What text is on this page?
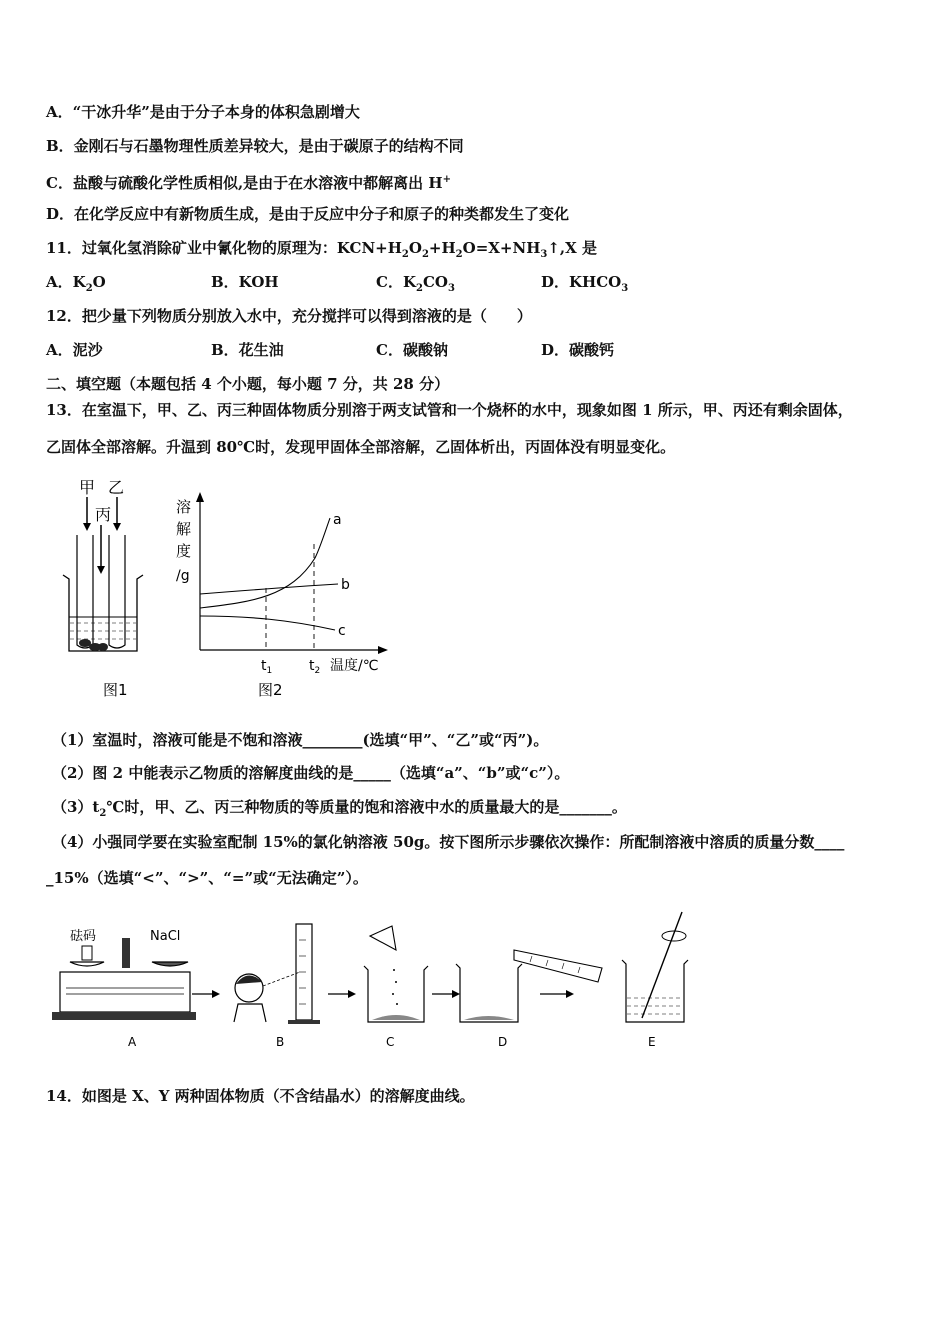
A．“干冰升华”是由于分子本身的体积急剧增大
B．金刚石与石墨物理性质差异较大，是由于碳原子的结构不同
C．盐酸与硫酸化学性质相似,是由于在水溶液中都解离出 H+
D．在化学反应中有新物质生成，是由于反应中分子和原子的种类都发生了变化
11．过氧化氢消除矿业中氰化物的原理为：$KCN+H_2O_2+H_2O=X+NH_3↑,X$ 是
A．$K_2O$	B．KOH	C．$K_2CO_3$	D．$KHCO_3$
12．把少量下列物质分别放入水中，充分搅拌可以得到溶液的是（　　）
A．泥沙	B．花生油	C．碳酸钠	D．碳酸钙
二、填空题（本题包括 4 个小题，每小题 7 分，共 28 分）
13．在室温下，甲、乙、丙三种固体物质分别溶于两支试管和一个烧杯的水中，现象如图 1 所示，甲、丙还有剩余固体，
乙固体全部溶解。升温到 80℃时，发现甲固体全部溶解，乙固体析出，丙固体没有明显变化。
甲 乙
丙
图1
溶
解
度
/g
a
b
c
$t_1$	$t_2$ 温度/℃
图2
（1）室温时，溶液可能是不饱和溶液________(选填“甲”、“乙”或“丙”)。
（2）图 2 中能表示乙物质的溶解度曲线的是_____（选填“a”、“b”或“c”）。
$(3)t_2℃$时，甲、乙、丙三种物质的等质量的饱和溶液中水的质量最大的是_______。
（4）小强同学要在实验室配制 15%的氯化钠溶液 50g。按下图所示步骤依次操作：所配制溶液中溶质的质量分数____
_15%（选填“<”、“>”、“=”或“无法确定”）。
砝码	NaCl
A	B	C	D	E
14．如图是 X、Y 两种固体物质（不含结晶水）的溶解度曲线。
